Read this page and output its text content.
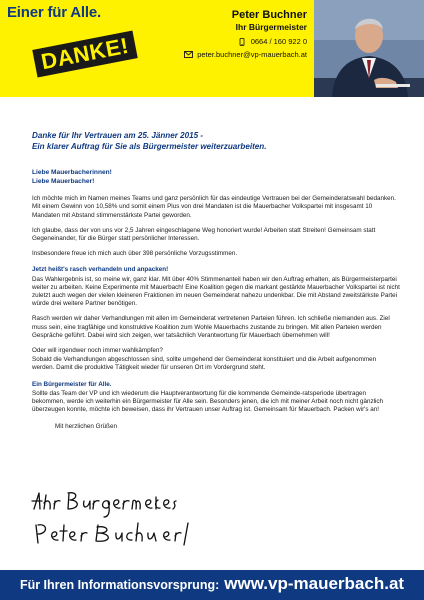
Einer für Alle.
DANKE!
Peter Buchner
Ihr Bürgermeister
0664 / 160 922 0
peter.buchner@vp-mauerbach.at
Danke für Ihr Vertrauen am 25. Jänner 2015 -
Ein klarer Auftrag für Sie als Bürgermeister weiterzuarbeiten.
Liebe Mauerbacherinnen!
Liebe Mauerbacher!
Ich möchte mich im Namen meines Teams und ganz persönlich für das eindeutige Vertrauen bei der Gemeinderatswahl bedanken. Mit einem Gewinn von 10,58% und somit einem Plus von drei Mandaten ist die Mauerbacher Volkspartei mit insgesamt 10 Mandaten mit Abstand stimmenstärkste Partei geworden.
Ich glaube, dass der von uns vor 2,5 Jahren eingeschlagene Weg honoriert wurde! Arbeiten statt Streiten! Gemeinsam statt Gegeneinander, für die Bürger statt persönlicher Interessen.
Insbesondere freue ich mich auch über 398 persönliche Vorzugsstimmen.
Jetzt heißt's rasch verhandeln und anpacken!
Das Wahlergebnis ist, so meine wir, ganz klar. Mit über 40% Stimmenanteil haben wir den Auftrag erhalten, als Bürgermeisterpartei weiter zu arbeiten. Keine Experimente mit Mauerbach! Eine Koalition gegen die markant gestärkte Mauerbacher Volkspartei ist nicht zuletzt auch wegen der vielen kleineren Fraktionen im neuen Gemeinderat nahezu undenkbar. Die mit Abstand zweitstärkste Partei würde drei weitere Partner benötigen.
Rasch werden wir daher Verhandlungen mit allen im Gemeinderat vertretenen Parteien führen. Ich schließe niemanden aus. Ziel muss sein, eine tragfähige und konstruktive Koalition zum Wohle Mauerbachs zustande zu bringen. Mit allen Parteien werden Gespräche geführt. Dabei wird sich zeigen, wer tatsächlich Verantwortung für Mauerbach übernehmen will!
Oder will irgendwer noch immer wahlkämpfen?
Sobald die Verhandlungen abgeschlossen sind, sollte umgehend der Gemeinderat konstituiert und die Arbeit aufgenommen werden. Damit die produktive Tätigkeit wieder für unseren Ort im Vordergrund steht.
Ein Bürgermeister für Alle.
Sollte das Team der VP und ich wiederum die Hauptverantwortung für die kommende Gemeinde-ratsperiode übertragen bekommen, werde ich weiterhin ein Bürgermeister für Alle sein. Besonders jenen, die ich mit meiner Arbeit noch nicht gänzlich überzeugen konnte, möchte ich beweisen, dass ihr Vertrauen unser Auftrag ist. Gemeinsam für Mauerbach. Packen wir's an!
Mit herzlichen Grüßen
Für Ihren Informationsvorsprung: www.vp-mauerbach.at
